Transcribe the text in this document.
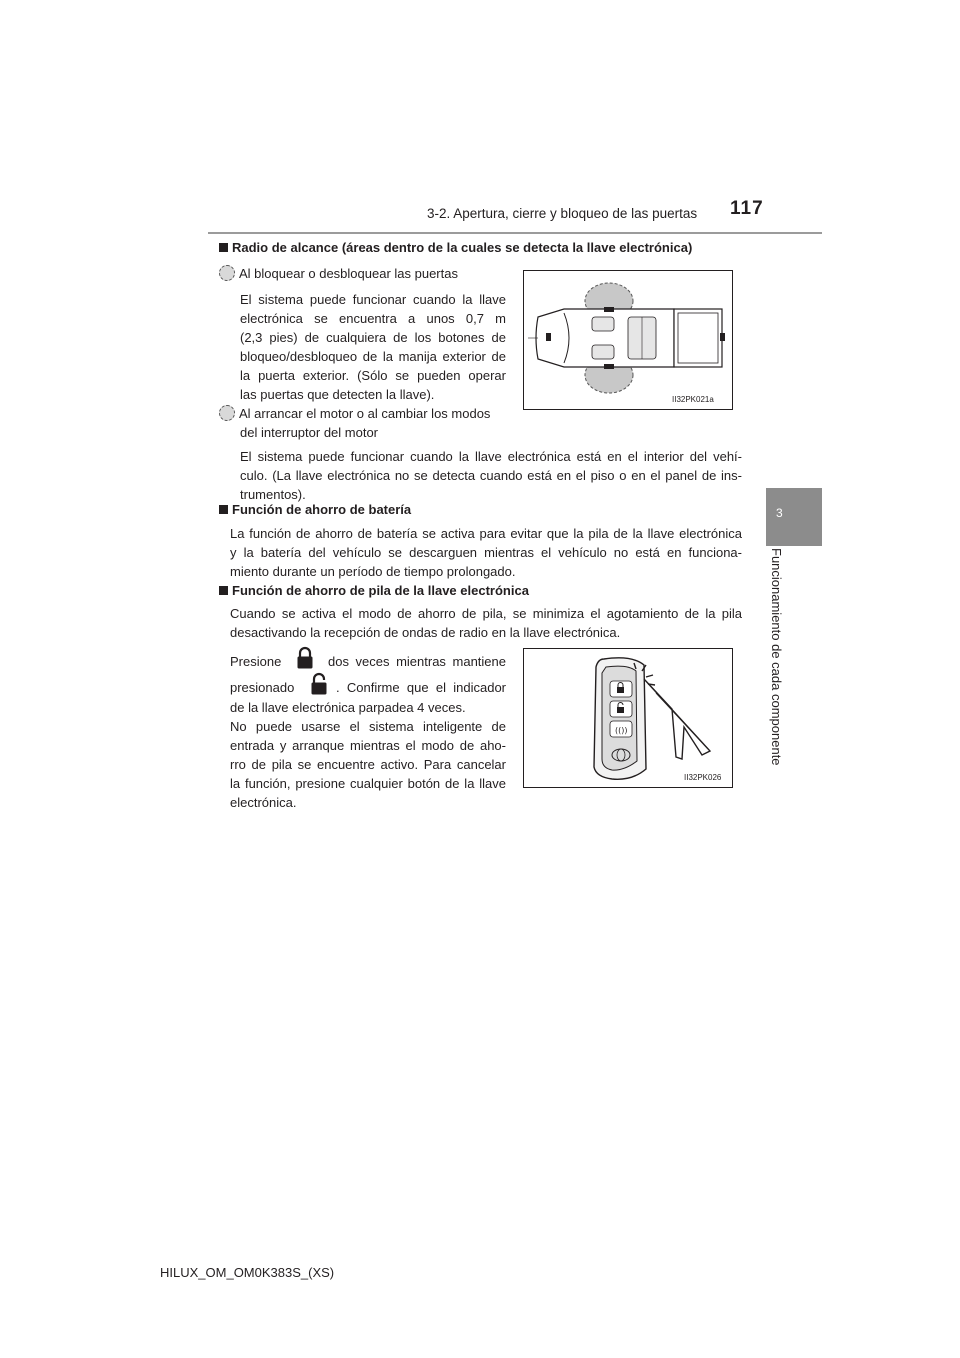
3-2. Apertura, cierre y bloqueo de las puertas 117
3
Funcionamiento de cada componente
Radio de alcance (áreas dentro de la cuales se detecta la llave electrónica)
Al bloquear o desbloquear las puertas
El sistema puede funcionar cuando la llave
electrónica se encuentra a unos 0,7 m
(2,3 pies) de cualquiera de los botones de
bloqueo/desbloqueo de la manija exterior de
la puerta exterior. (Sólo se pueden operar
las puertas que detecten la llave).
Al arrancar el motor o al cambiar los modos
del interruptor del motor
El sistema puede funcionar cuando la llave electrónica está en el interior del vehí-
culo. (La llave electrónica no se detecta cuando está en el piso o en el panel de ins-
trumentos).
II32PK021a
Función de ahorro de batería
La función de ahorro de batería se activa para evitar que la pila de la llave electrónica
y la batería del vehículo se descarguen mientras el vehículo no está en funciona-
miento durante un período de tiempo prolongado.
Función de ahorro de pila de la llave electrónica
Cuando se activa el modo de ahorro de pila, se minimiza el agotamiento de la pila
desactivando la recepción de ondas de radio en la llave electrónica.
Presione	dos veces mientras mantiene
presionado	. Confirme que el indicador
de la llave electrónica parpadea 4 veces.
No puede usarse el sistema inteligente de
entrada y arranque mientras el modo de aho-
rro de pila se encuentre activo. Para cancelar
la función, presione cualquier botón de la llave
electrónica.
(())
II32PK026
HILUX_OM_OM0K383S_(XS)
